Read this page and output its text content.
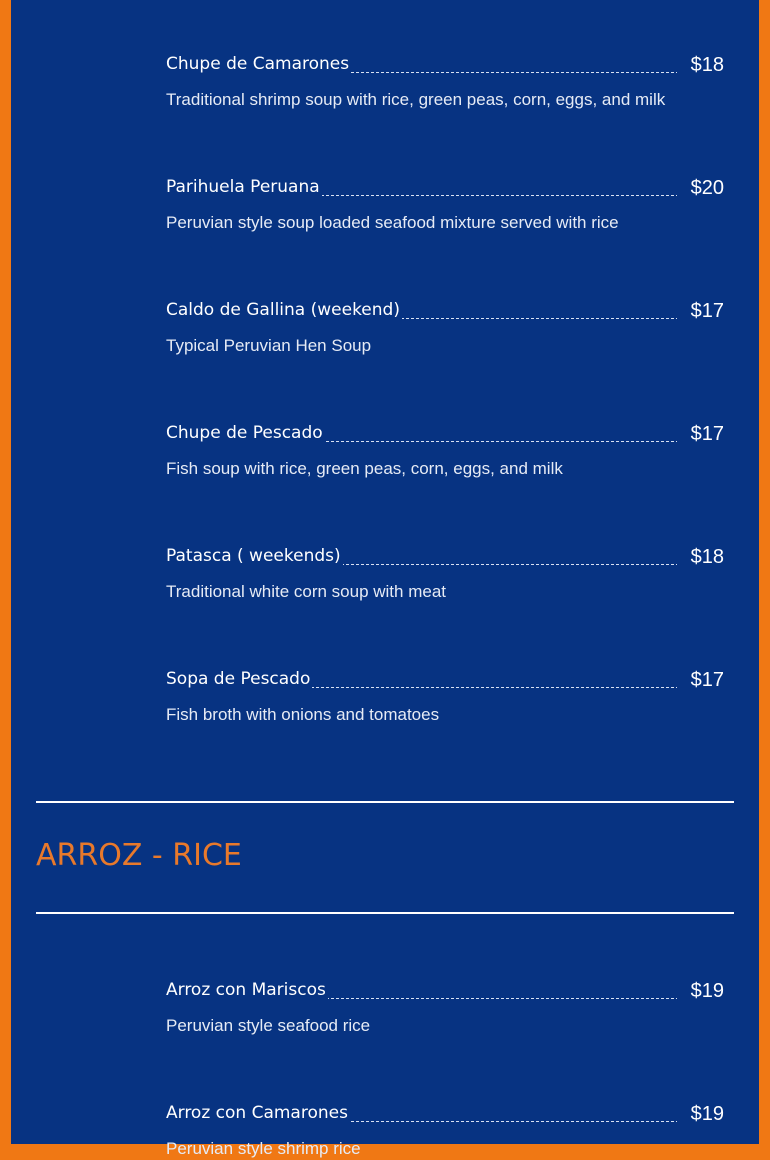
Chupe de Camarones	$18
Traditional shrimp soup with rice, green peas, corn, eggs, and milk
Parihuela Peruana	$20
Peruvian style soup loaded seafood mixture served with rice
Caldo de Gallina (weekend)	$17
Typical Peruvian Hen Soup
Chupe de Pescado	$17
Fish soup with rice, green peas, corn, eggs, and milk
Patasca ( weekends)	$18
Traditional white corn soup with meat
Sopa de Pescado	$17
Fish broth with onions and tomatoes
ARROZ - RICE
Arroz con Mariscos	$19
Peruvian style seafood rice
Arroz con Camarones	$19
Peruvian style shrimp rice
